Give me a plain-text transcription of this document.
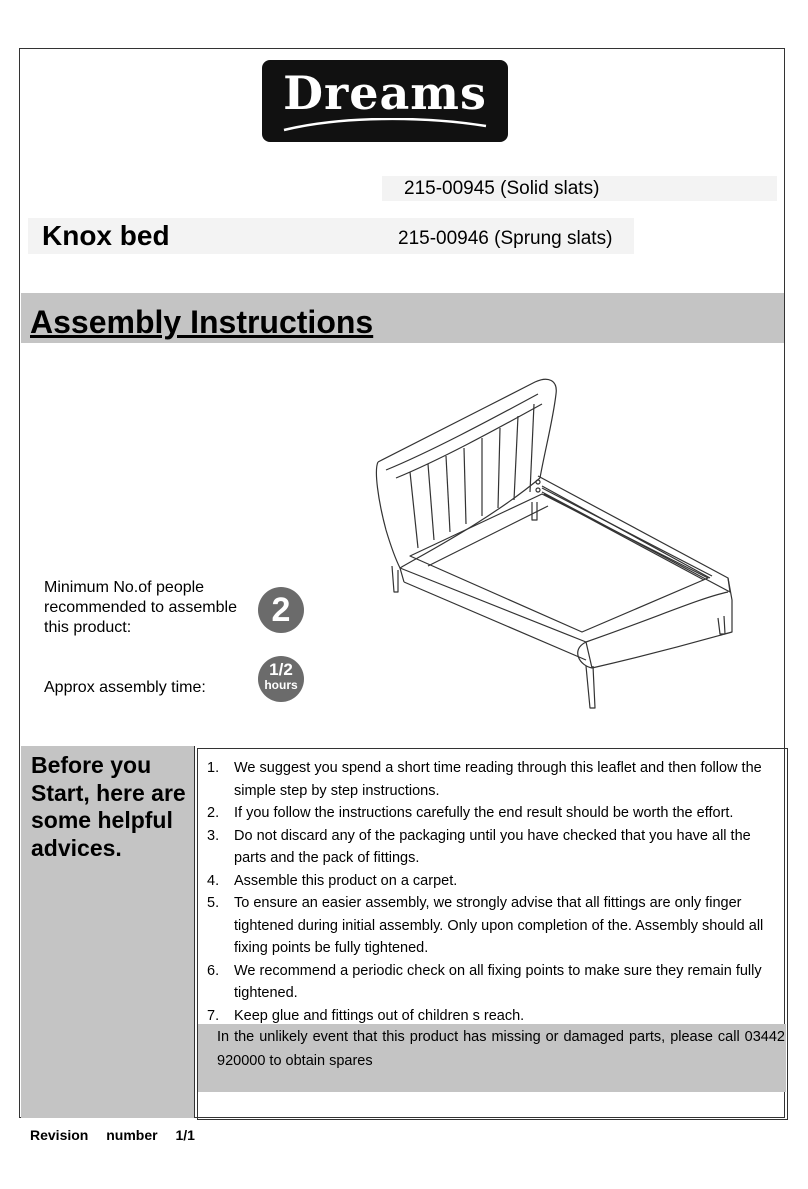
Dreams
215-00945 (Solid slats)
Knox bed	215-00946 (Sprung slats)
Assembly Instructions
Minimum No.of people recommended to assemble this product:	2
Approx assembly time:
1/2
hours
Before you Start, here are some helpful advices.
1. We suggest you spend a short time reading through this leaflet and then follow the simple step by step instructions.
2. If you follow the instructions carefully the end result should be worth the effort.
3. Do not discard any of the packaging until you have checked that you have all the parts and the pack of fittings.
4. Assemble this product on a carpet.
5. To ensure an easier assembly, we strongly advise that all fittings are only finger tightened during initial assembly. Only upon completion of the. Assembly should all fixing points be fully tightened.
6. We recommend a periodic check on all fixing points to make sure they remain fully tightened.
7. Keep glue and fittings out of children s reach.
In the unlikely event that this product has missing or damaged parts, please call 03442 920000 to obtain spares
Revision number 1/1
